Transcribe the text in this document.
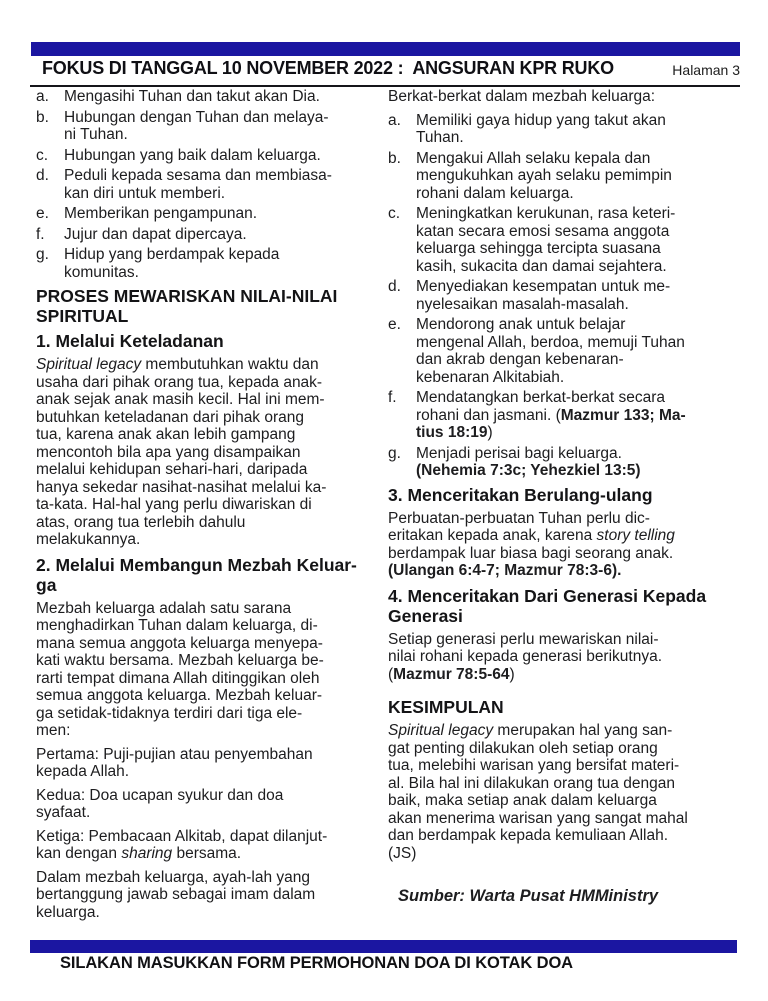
FOKUS DI TANGGAL 10 NOVEMBER 2022 :  ANGSURAN KPR RUKO	Halaman 3
a. Mengasihi Tuhan dan takut akan Dia.
b. Hubungan dengan Tuhan dan melaya-
ni Tuhan.
c.	Hubungan yang baik dalam keluarga.
d. Peduli kepada sesama dan membiasa-
kan diri untuk memberi.
e. Memberikan pengampunan.
f.	Jujur dan dapat dipercaya.
g. Hidup yang berdampak kepada
komunitas.
PROSES MEWARISKAN NILAI-NILAI
SPIRITUAL
1. Melalui Keteladanan
Spiritual legacy membutuhkan waktu dan
usaha dari pihak orang tua, kepada anak-
anak sejak anak masih kecil. Hal ini mem-
butuhkan keteladanan dari pihak orang
tua, karena anak akan lebih gampang
mencontoh bila apa yang disampaikan
melalui kehidupan sehari-hari, daripada
hanya sekedar nasihat-nasihat melalui ka-
ta-kata. Hal-hal yang perlu diwariskan di
atas, orang tua terlebih dahulu
melakukannya.
2. Melalui Membangun Mezbah Keluar-
ga
Mezbah keluarga adalah satu sarana
menghadirkan Tuhan dalam keluarga, di-
mana semua anggota keluarga menyepa-
kati waktu bersama. Mezbah keluarga be-
rarti tempat dimana Allah ditinggikan oleh
semua anggota keluarga. Mezbah keluar-
ga setidak-tidaknya terdiri dari tiga ele-
men:
Pertama: Puji-pujian atau penyembahan
kepada Allah.
Kedua: Doa ucapan syukur dan doa
syafaat.
Ketiga: Pembacaan Alkitab, dapat dilanjut-
kan dengan sharing bersama.
Dalam mezbah keluarga, ayah-lah yang
bertanggung jawab sebagai imam dalam
keluarga.
Berkat-berkat dalam mezbah keluarga:
a. Memiliki gaya hidup yang takut akan
Tuhan.
b. Mengakui Allah selaku kepala dan
mengukuhkan ayah selaku pemimpin
rohani dalam keluarga.
c.	Meningkatkan kerukunan, rasa keteri-
katan secara emosi sesama anggota
keluarga sehingga tercipta suasana
kasih, sukacita dan damai sejahtera.
d. Menyediakan kesempatan untuk me-
nyelesaikan masalah-masalah.
e. Mendorong anak untuk belajar
mengenal Allah, berdoa, memuji Tuhan
dan akrab dengan kebenaran-
kebenaran Alkitabiah.
f.	Mendatangkan berkat-berkat secara
rohani dan jasmani. (Mazmur 133; Ma-
tius 18:19)
g. Menjadi perisai bagi keluarga.
(Nehemia 7:3c; Yehezkiel 13:5)
3. Menceritakan Berulang-ulang
Perbuatan-perbuatan Tuhan perlu dic-
eritakan kepada anak, karena story telling
berdampak luar biasa bagi seorang anak.
(Ulangan 6:4-7; Mazmur 78:3-6).
4. Menceritakan Dari Generasi Kepada
Generasi
Setiap generasi perlu mewariskan nilai-
nilai rohani kepada generasi berikutnya.
(Mazmur 78:5-64)
KESIMPULAN
Spiritual legacy merupakan hal yang san-
gat penting dilakukan oleh setiap orang
tua, melebihi warisan yang bersifat materi-
al. Bila hal ini dilakukan orang tua dengan
baik, maka setiap anak dalam keluarga
akan menerima warisan yang sangat mahal
dan berdampak kepada kemuliaan Allah.
(JS)
Sumber: Warta Pusat HMMinistry
SILAKAN MASUKKAN FORM PERMOHONAN DOA DI KOTAK DOA
